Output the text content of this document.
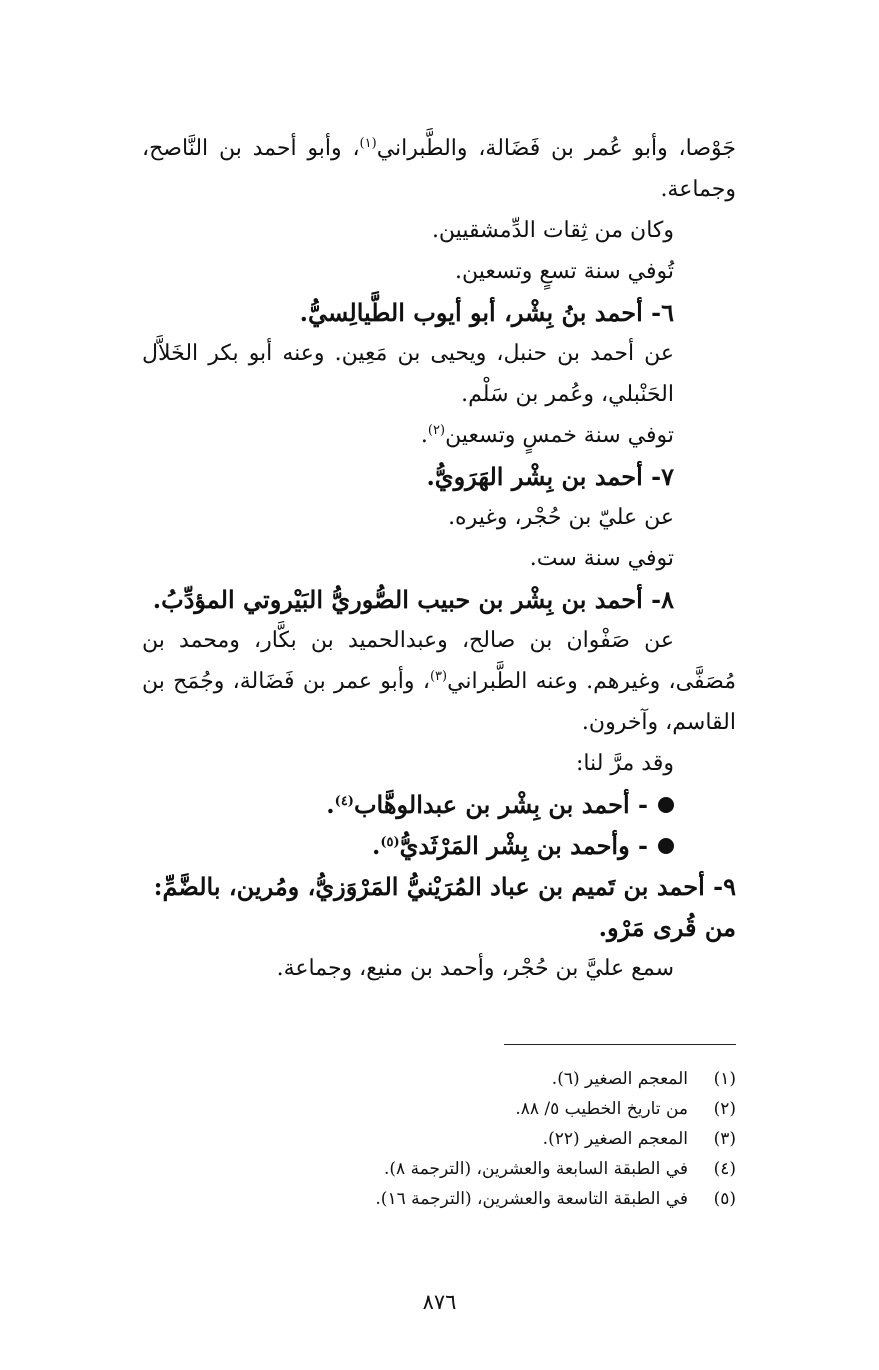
جَوْصا، وأبو عُمر بن فَضَالة، والطَّبراني$^{(١)}$، وأبو أحمد بن النَّاصح، وجماعة.

وكان من ثِقات الدِّمشقيين.

تُوفي سنة تسعٍ وتسعين.

٦- أحمد بنُ بِشْر، أبو أيوب الطَّيالِسيُّ.

عن أحمد بن حنبل، ويحيى بن مَعِين. وعنه أبو بكر الخَلاَّل الحَنْبلي، وعُمر بن سَلْم.

توفي سنة خمسٍ وتسعين$^{(٢)}$.

٧- أحمد بن بِشْر الهَرَويُّ.

عن عليّ بن حُجْر، وغيره.

توفي سنة ست.

٨- أحمد بن بِشْر بن حبيب الصُّوريُّ البَيْروتي المؤدِّبُ.

عن صَفْوان بن صالح، وعبدالحميد بن بكَّار، ومحمد بن مُصَفَّى، وغيرهم. وعنه الطَّبراني$^{(٣)}$، وأبو عمر بن فَضَالة، وجُمَح بن القاسم، وآخرون.

وقد مرَّ لنا:

- أحمد بن بِشْر بن عبدالوهَّاب$^{(٤)}$.
- وأحمد بن بِشْر المَرْثَديُّ$^{(٥)}$.
٩- أحمد بن تَميم بن عباد المُرَيْنيُّ المَرْوَزيُّ، ومُرين، بالضَّمِّ: من قُرى مَرْو.

سمع عليَّ بن حُجْر، وأحمد بن منيع، وجماعة.

(١)
المعجم الصغير (٦).
(٢)
من تاريخ الخطيب ٥/ ٨٨.
(٣)
المعجم الصغير (٢٢).
(٤)
في الطبقة السابعة والعشرين، (الترجمة ٨).
(٥)
في الطبقة التاسعة والعشرين، (الترجمة ١٦).
٨٧٦
